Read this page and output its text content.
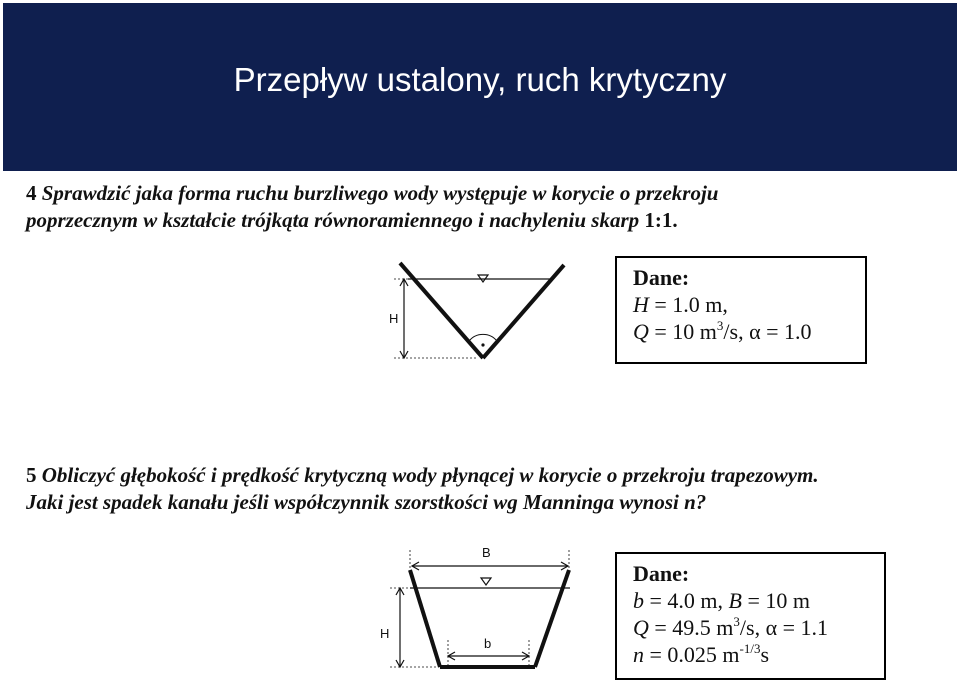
Przepływ ustalony, ruch krytyczny
4 Sprawdzić jaka forma ruchu burzliwego wody występuje w korycie o przekroju
poprzecznym w kształcie trójkąta równoramiennego i nachyleniu skarp 1:1.
H
Dane:
H = 1.0 m,
Q = 10 $m^3/s$, α = 1.0
5 Obliczyć głębokość i prędkość krytyczną wody płynącej w korycie o przekroju trapezowym.
Jaki jest spadek kanału jeśli współczynnik szorstkości wg Manninga wynosi n?
B
b
H
Dane:
b = 4.0 m, B = 10 m
Q = 49.5 $m^3/s$, α = 1.1
n = 0.025 $m^{-1/3}s$
